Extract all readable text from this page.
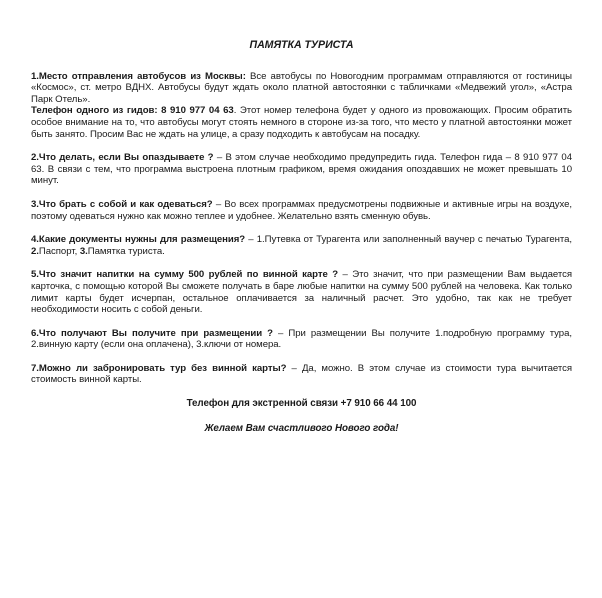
ПАМЯТКА ТУРИСТА

1.Место отправления автобусов из Москвы: Все автобусы по Новогодним программам отправляются от гостиницы «Космос», ст. метро ВДНХ. Автобусы будут ждать около платной автостоянки с табличками «Медвежий угол», «Астра Парк Отель».
Телефон одного из гидов: 8 910 977 04 63. Этот номер телефона будет у одного из провожающих. Просим обратить особое внимание на то, что автобусы могут стоять немного в стороне из-за того, что место у платной автостоянки может быть занято. Просим Вас не ждать на улице, а сразу подходить к автобусам на посадку.

2.Что делать, если Вы опаздываете ? – В этом случае необходимо предупредить гида. Телефон гида – 8 910 977 04 63. В связи с тем, что программа выстроена плотным графиком, время ожидания опоздавших не может превышать 10 минут.

3.Что брать с собой и как одеваться? – Во всех программах предусмотрены подвижные и активные игры на воздухе, поэтому одеваться нужно как можно теплее и удобнее. Желательно взять сменную обувь.

4.Какие документы нужны для размещения? – 1.Путевка от Турагента или заполненный ваучер с печатью Турагента, 2.Паспорт, 3.Памятка туриста.

5.Что значит напитки на сумму 500 рублей по винной карте ? – Это значит, что при размещении Вам выдается карточка, с помощью которой Вы сможете получать в баре любые напитки на сумму 500 рублей на человека. Как только лимит карты будет исчерпан, остальное оплачивается за наличный расчет. Это удобно, так как не требует необходимости носить с собой деньги.

6.Что получают Вы получите при размещении ? – При размещении Вы получите 1.подробную программу тура, 2.винную карту (если она оплачена), 3.ключи от номера.

7.Можно ли забронировать тур без винной карты? – Да, можно. В этом случае из стоимости тура вычитается стоимость винной карты.

Телефон для экстренной связи +7 910 66 44 100

Желаем Вам счастливого Нового года!
